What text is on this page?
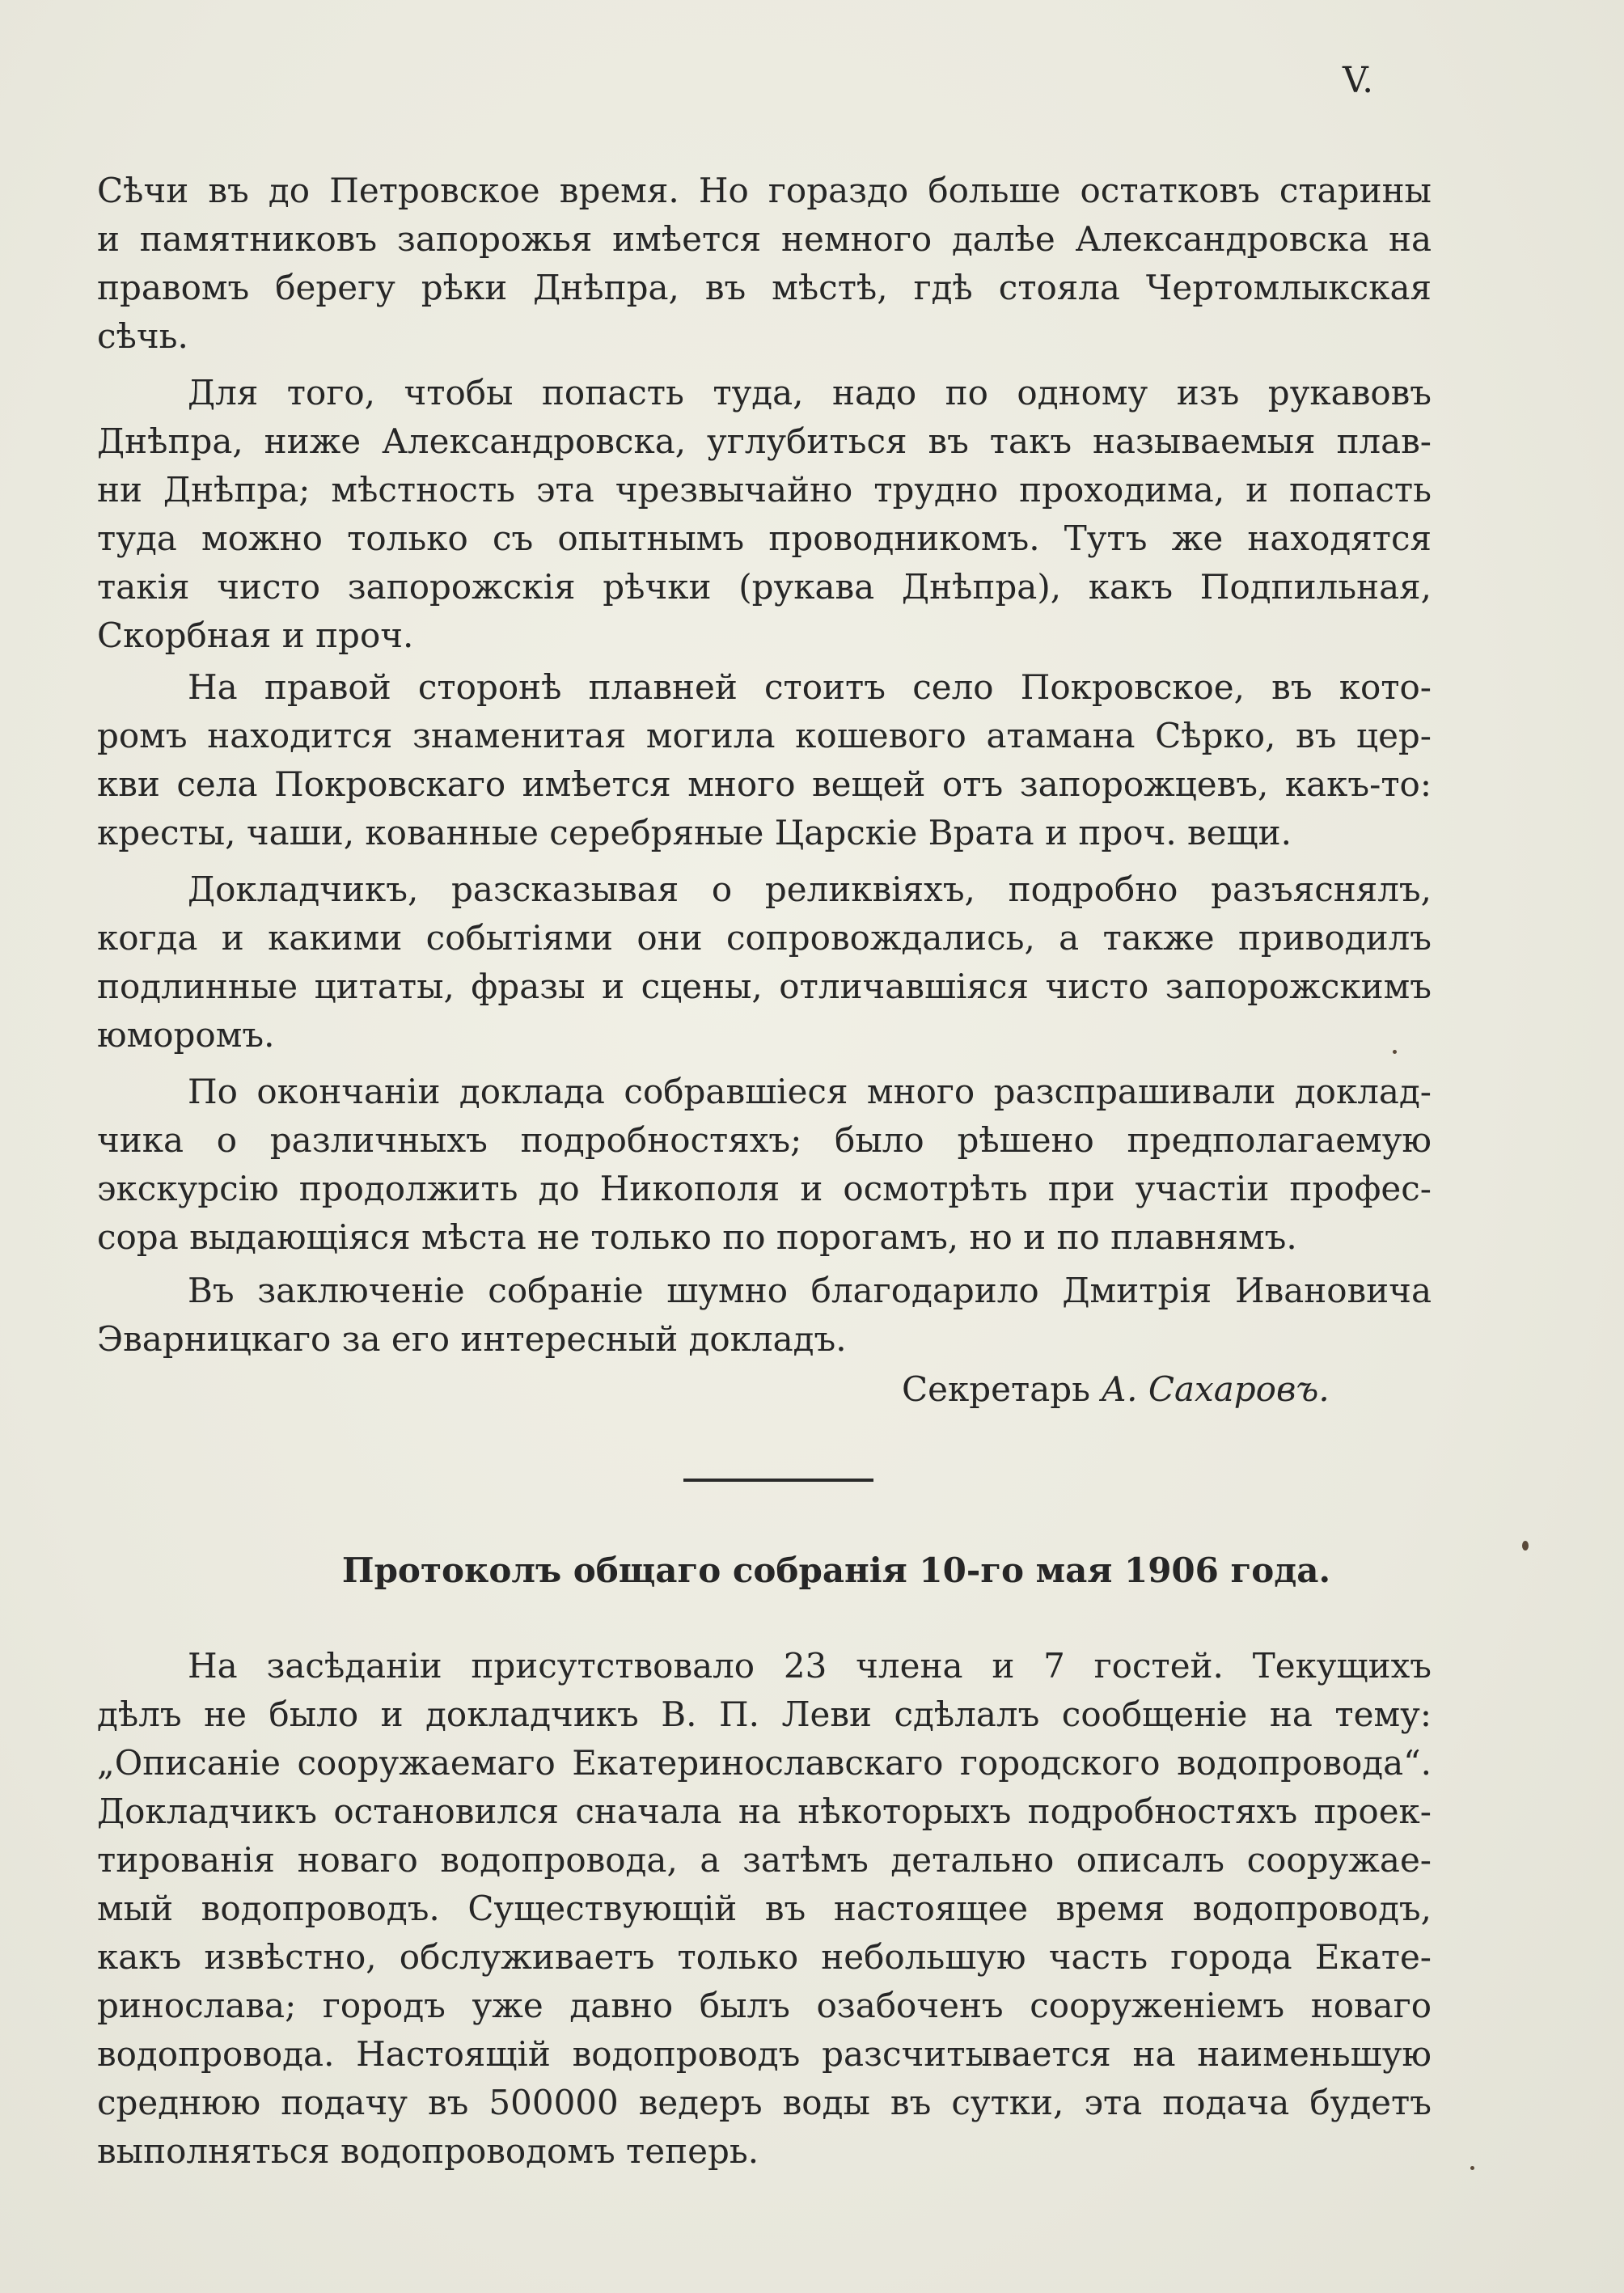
V.
Сѣчи въ до Петровское время. Но гораздо больше остатковъ старины
и памятниковъ запорожья имѣется немного далѣе Александровска на
правомъ берегу рѣки Днѣпра, въ мѣстѣ, гдѣ стояла Чертомлыкская
сѣчь.
Для того, чтобы попасть туда, надо по одному изъ рукавовъ
Днѣпра, ниже Александровска, углубиться въ такъ называемыя плав-
ни Днѣпра; мѣстность эта чрезвычайно трудно проходима, и попасть
туда можно только съ опытнымъ проводникомъ. Тутъ же находятся
такія чисто запорожскія рѣчки (рукава Днѣпра), какъ Подпильная,
Скорбная и проч.
На правой сторонѣ плавней стоитъ село Покровское, въ кото-
ромъ находится знаменитая могила кошевого атамана Сѣрко, въ цер-
кви села Покровскаго имѣется много вещей отъ запорожцевъ, какъ-то:
кресты, чаши, кованные серебряные Царскіе Врата и проч. вещи.
Докладчикъ, разсказывая о реликвіяхъ, подробно разъяснялъ,
когда и какими событіями они сопровождались, а также приводилъ
подлинные цитаты, фразы и сцены, отличавшіяся чисто запорожскимъ
юморомъ.
По окончаніи доклада собравшіеся много разспрашивали доклад-
чика о различныхъ подробностяхъ; было рѣшено предполагаемую
экскурсію продолжить до Никополя и осмотрѣть при участіи профес-
сора выдающіяся мѣста не только по порогамъ, но и по плавнямъ.
Въ заключеніе собраніе шумно благодарило Дмитрія Ивановича
Эварницкаго за его интересный докладъ.
Секретарь А. Сахаровъ.
Протоколъ общаго собранія 10-го мая 1906 года.
На засѣданіи присутствовало 23 члена и 7 гостей. Текущихъ
дѣлъ не было и докладчикъ В. П. Леви сдѣлалъ сообщеніе на тему:
„Описаніе сооружаемаго Екатеринославскаго городского водопровода“.
Докладчикъ остановился сначала на нѣкоторыхъ подробностяхъ проек-
тированія новаго водопровода, а затѣмъ детально описалъ сооружае-
мый водопроводъ. Существующій въ настоящее время водопроводъ,
какъ извѣстно, обслуживаетъ только небольшую часть города Екате-
ринослава; городъ уже давно былъ озабоченъ сооруженіемъ новаго
водопровода. Настоящій водопроводъ разсчитывается на наименьшую
среднюю подачу въ 500000 ведеръ воды въ сутки, эта подача будетъ
выполняться водопроводомъ теперь.
